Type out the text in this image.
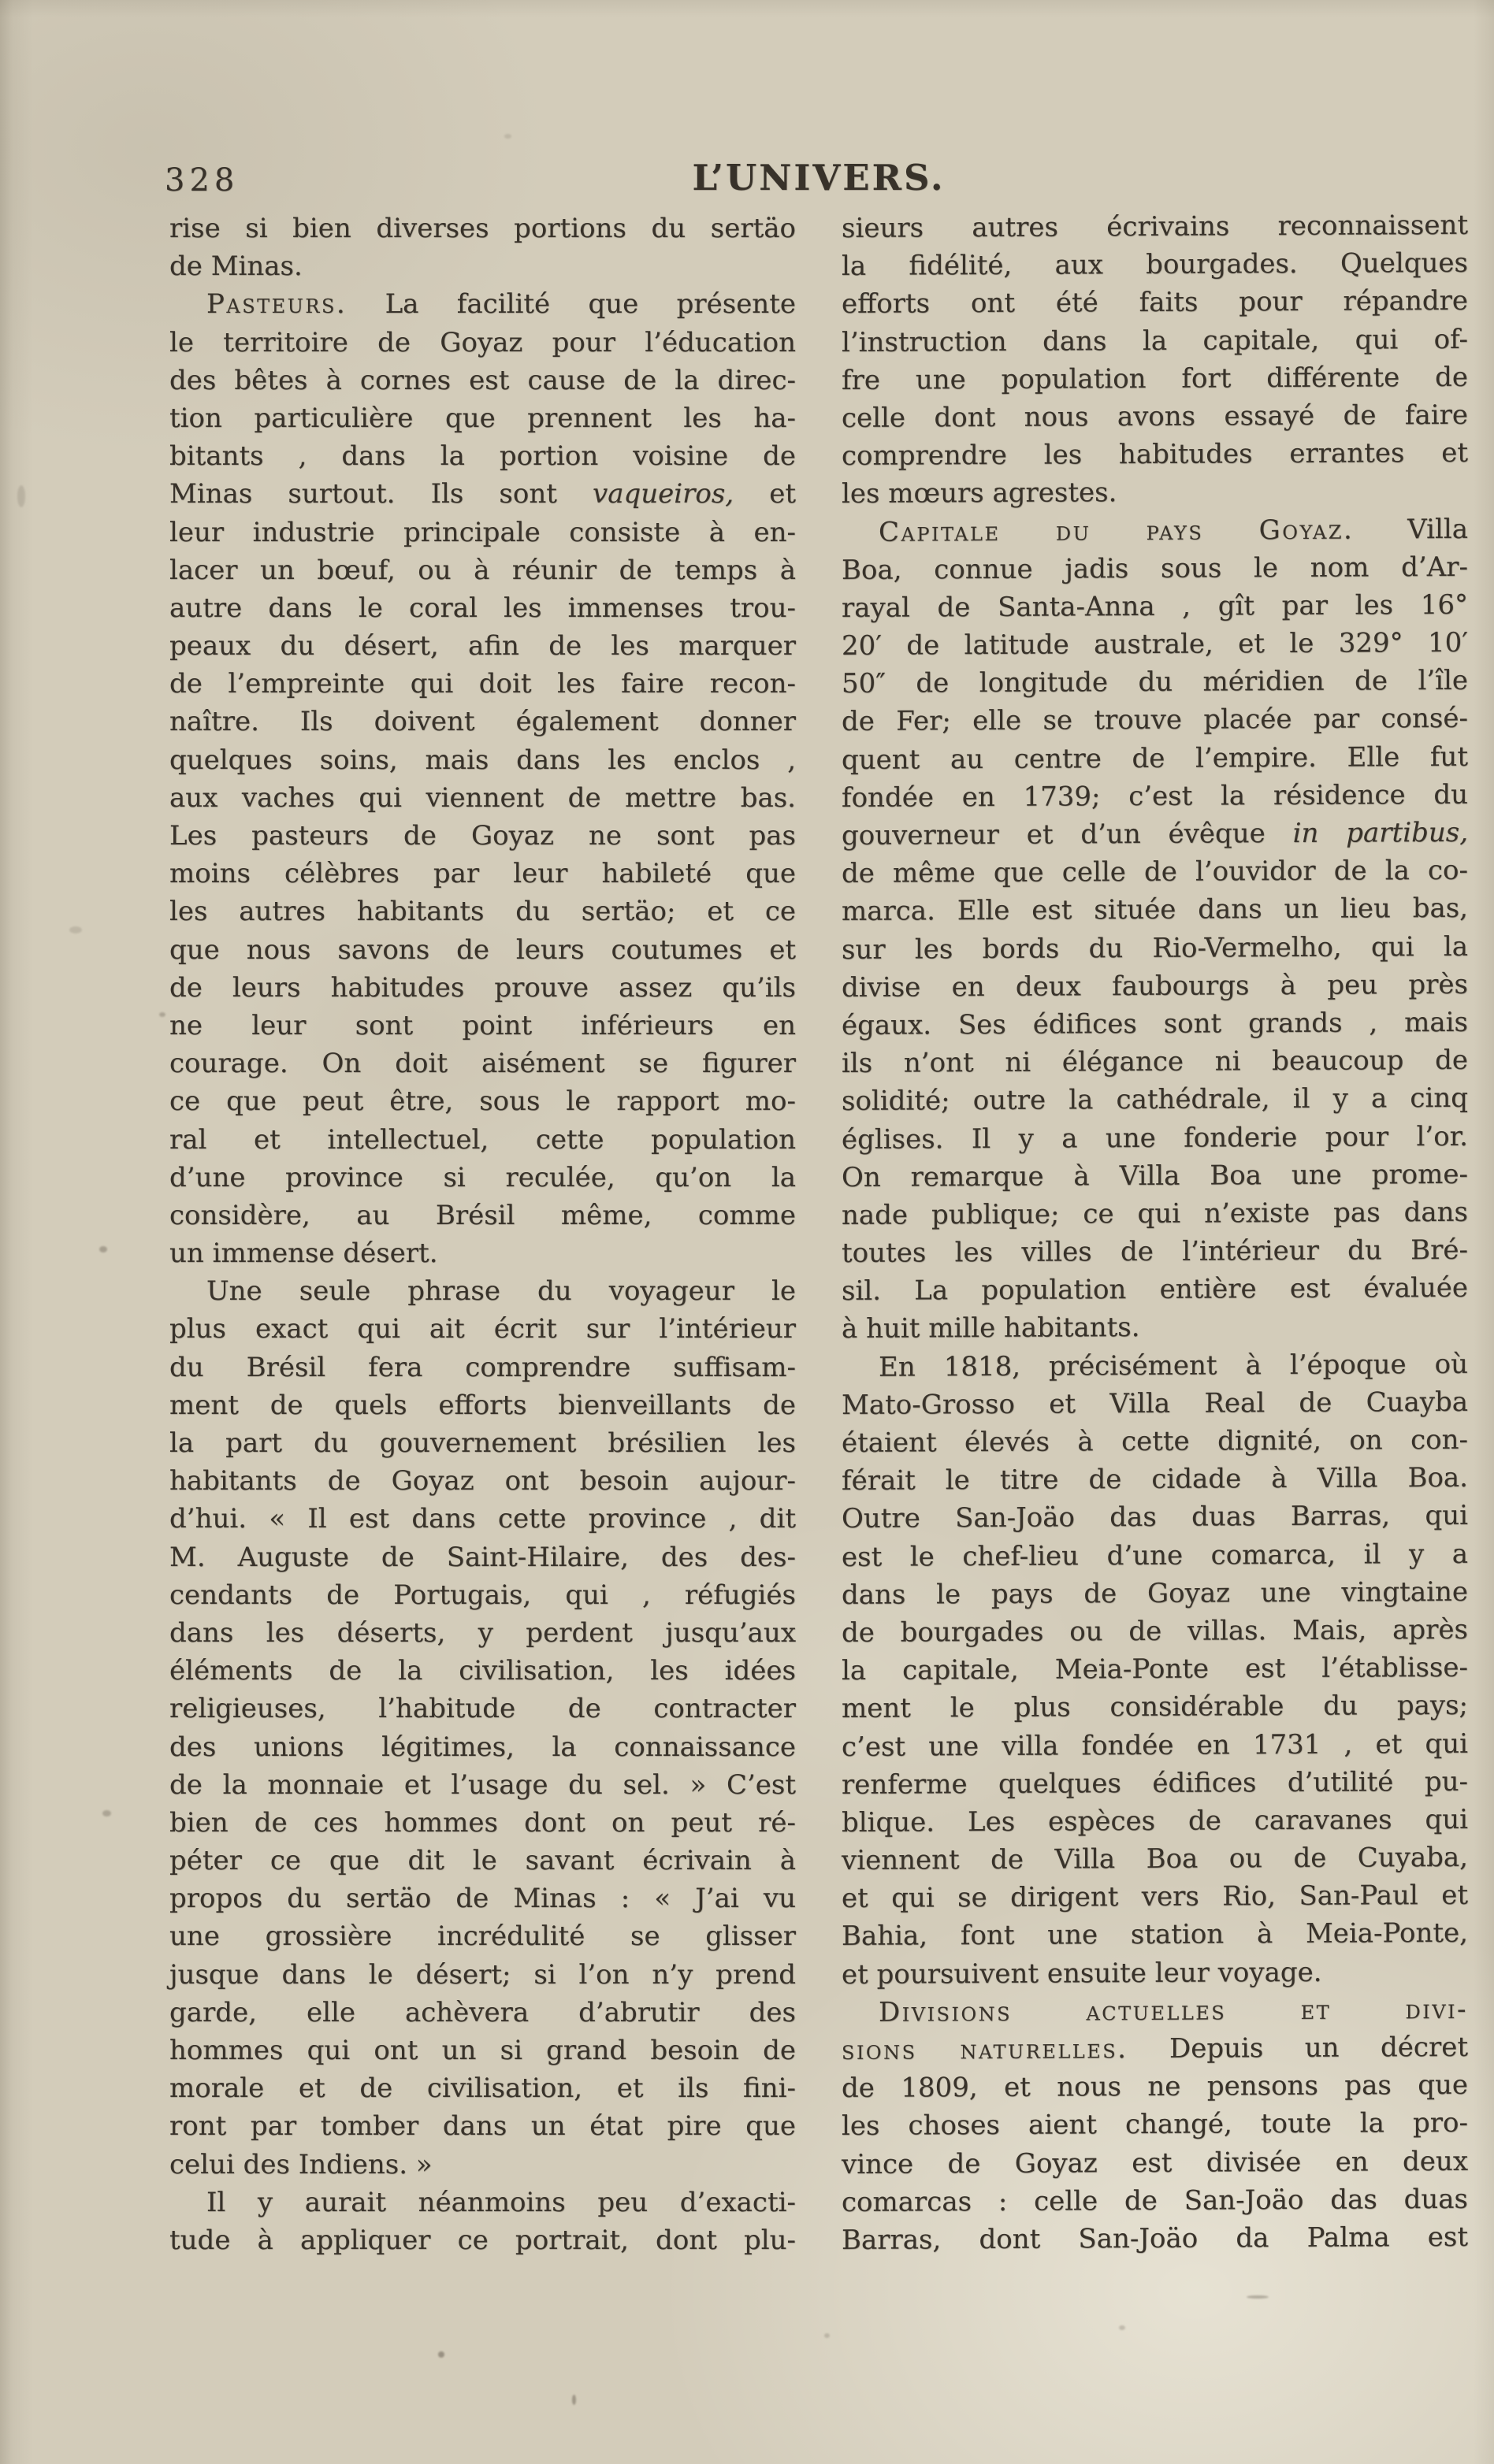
328	L’UNIVERS.
rise si bien diverses portions du sertäo
de Minas.
Pasteurs. La facilité que présente
le territoire de Goyaz pour l’éducation
des bêtes à cornes est cause de la direc-
tion particulière que prennent les ha-
bitants , dans la portion voisine de
Minas surtout. Ils sont vaqueiros, et
leur industrie principale consiste à en-
lacer un bœuf, ou à réunir de temps à
autre dans le coral les immenses trou-
peaux du désert, afin de les marquer
de l’empreinte qui doit les faire recon-
naître. Ils doivent également donner
quelques soins, mais dans les enclos ,
aux vaches qui viennent de mettre bas.
Les pasteurs de Goyaz ne sont pas
moins célèbres par leur habileté que
les autres habitants du sertäo; et ce
que nous savons de leurs coutumes et
de leurs habitudes prouve assez qu’ils
ne leur sont point inférieurs en
courage. On doit aisément se figurer
ce que peut être, sous le rapport mo-
ral et intellectuel, cette population
d’une province si reculée, qu’on la
considère, au Brésil même, comme
un immense désert.
Une seule phrase du voyageur le
plus exact qui ait écrit sur l’intérieur
du Brésil fera comprendre suffisam-
ment de quels efforts bienveillants de
la part du gouvernement brésilien les
habitants de Goyaz ont besoin aujour-
d’hui. « Il est dans cette province , dit
M. Auguste de Saint-Hilaire, des des-
cendants de Portugais, qui , réfugiés
dans les déserts, y perdent jusqu’aux
éléments de la civilisation, les idées
religieuses, l’habitude de contracter
des unions légitimes, la connaissance
de la monnaie et l’usage du sel. » C’est
bien de ces hommes dont on peut ré-
péter ce que dit le savant écrivain à
propos du sertäo de Minas : « J’ai vu
une grossière incrédulité se glisser
jusque dans le désert; si l’on n’y prend
garde, elle achèvera d’abrutir des
hommes qui ont un si grand besoin de
morale et de civilisation, et ils fini-
ront par tomber dans un état pire que
celui des Indiens. »
Il y aurait néanmoins peu d’exacti-
tude à appliquer ce portrait, dont plu-
sieurs autres écrivains reconnaissent
la fidélité, aux bourgades. Quelques
efforts ont été faits pour répandre
l’instruction dans la capitale, qui of-
fre une population fort différente de
celle dont nous avons essayé de faire
comprendre les habitudes errantes et
les mœurs agrestes.
Capitale du pays Goyaz. Villa
Boa, connue jadis sous le nom d’Ar-
rayal de Santa-Anna , gît par les 16°
20′ de latitude australe, et le 329° 10′
50″ de longitude du méridien de l’île
de Fer; elle se trouve placée par consé-
quent au centre de l’empire. Elle fut
fondée en 1739; c’est la résidence du
gouverneur et d’un évêque in partibus,
de même que celle de l’ouvidor de la co-
marca. Elle est située dans un lieu bas,
sur les bords du Rio-Vermelho, qui la
divise en deux faubourgs à peu près
égaux. Ses édifices sont grands , mais
ils n’ont ni élégance ni beaucoup de
solidité; outre la cathédrale, il y a cinq
églises. Il y a une fonderie pour l’or.
On remarque à Villa Boa une prome-
nade publique; ce qui n’existe pas dans
toutes les villes de l’intérieur du Bré-
sil. La population entière est évaluée
à huit mille habitants.
En 1818, précisément à l’époque où
Mato-Grosso et Villa Real de Cuayba
étaient élevés à cette dignité, on con-
férait le titre de cidade à Villa Boa.
Outre San-Joäo das duas Barras, qui
est le chef-lieu d’une comarca, il y a
dans le pays de Goyaz une vingtaine
de bourgades ou de villas. Mais, après
la capitale, Meia-Ponte est l’établisse-
ment le plus considérable du pays;
c’est une villa fondée en 1731 , et qui
renferme quelques édifices d’utilité pu-
blique. Les espèces de caravanes qui
viennent de Villa Boa ou de Cuyaba,
et qui se dirigent vers Rio, San-Paul et
Bahia, font une station à Meia-Ponte,
et poursuivent ensuite leur voyage.
Divisions actuelles et divi-
sions naturelles. Depuis un décret
de 1809, et nous ne pensons pas que
les choses aient changé, toute la pro-
vince de Goyaz est divisée en deux
comarcas : celle de San-Joäo das duas
Barras, dont San-Joäo da Palma est
